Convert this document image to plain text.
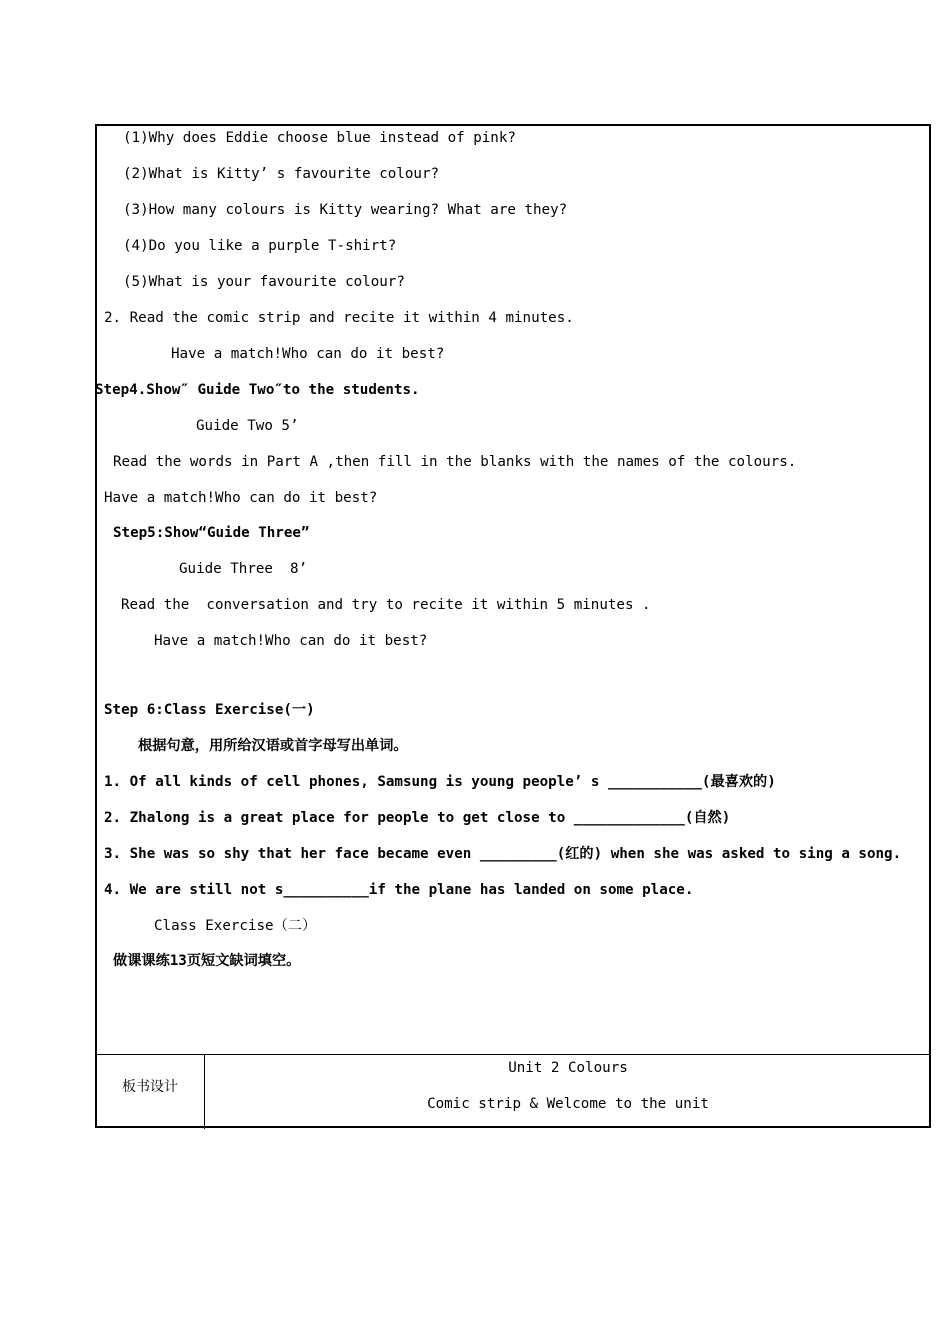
(1)Why does Eddie choose blue instead of pink?
(2)What is Kitty’ s favourite colour?
(3)How many colours is Kitty wearing? What are they?
(4)Do you like a purple T-shirt?
(5)What is your favourite colour?
2. Read the comic strip and recite it within 4 minutes.
Have a match!Who can do it best?
Step4.Show″ Guide Two″to the students.
Guide Two 5’
Read the words in Part A ,then fill in the blanks with the names of the colours.
Have a match!Who can do it best?
Step5:Show“Guide Three”
Guide Three  8’
Read the  conversation and try to recite it within 5 minutes .
Have a match!Who can do it best?
Step 6:Class Exercise(一)
根据句意，用所给汉语或首字母写出单词。
1. Of all kinds of cell phones, Samsung is young people’ s ___________(最喜欢的)
2. Zhalong is a great place for people to get close to _____________(自然)
3. She was so shy that her face became even _________(红的) when she was asked to sing a song.
4. We are still not s__________if the plane has landed on some place.
Class Exercise（二）
做课课练13页短文缺词填空。
板书设计
Unit 2 Colours
Comic strip & Welcome to the unit
